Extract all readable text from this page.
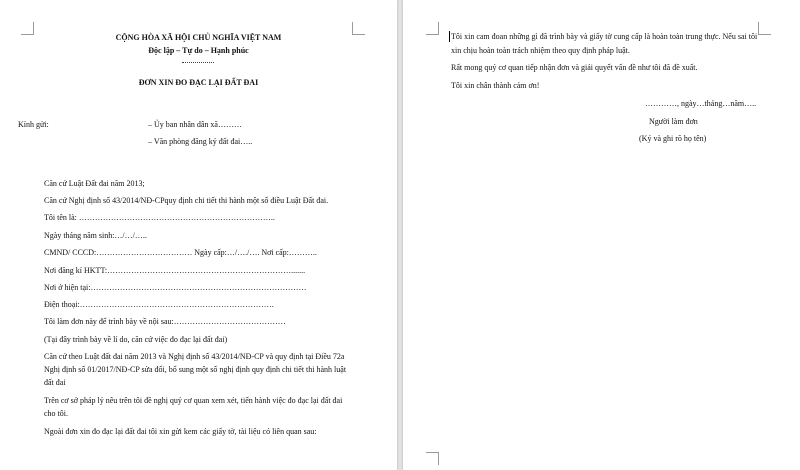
CỘNG HÒA XÃ HỘI CHỦ NGHĨA VIỆT NAM
Độc lập – Tự do – Hạnh phúc
ĐƠN XIN ĐO ĐẠC LẠI ĐẤT ĐAI
Kính gửi:	– Ủy ban nhân dân xã………
– Văn phòng đăng ký đất đai…..
Căn cứ Luật Đất đai năm 2013;
Căn cứ Nghị định số 43/2014/NĐ-CPquy định chi tiết thi hành một số điều Luật Đất đai.
Tôi tên là: ………………………………………………………………..
Ngày tháng năm sinh:…/…/…..
CMND/ CCCD:……………………………… Ngày cấp:…/…./…. Nơi cấp:………..
Nơi đăng kí HKTT:…………………………………………………………….......
Nơi ở hiện tại:………………………………………………………………………
Điện thoại:……………………………………………………………….
Tôi làm đơn này để trình bày về nội sau:……………………………………
(Tại đây trình bày về lí do, căn cứ việc đo đạc lại đất đai)
Căn cứ theo Luật đất đai năm 2013 và Nghị định số 43/2014/NĐ-CP và quy định tại Điều 72a
Nghị định số 01/2017/NĐ-CP sửa đổi, bổ sung một số nghị định quy định chi tiết thi hành luật
đất đai
Trên cơ sở pháp lý nêu trên tôi đề nghị quý cơ quan xem xét, tiến hành việc đo đạc lại đất đai
cho tôi.
Ngoài đơn xin đo đạc lại đất đai tôi xin gửi kem các giấy tờ, tài liệu có liên quan sau:
Tôi xin cam đoan những gì đã trình bày và giấy tờ cung cấp là hoàn toàn trung thực. Nếu sai tôi
xin chịu hoàn toàn trách nhiệm theo quy định pháp luật.
Rất mong quý cơ quan tiếp nhận đơn và giải quyết vấn đề như tôi đã đề xuất.
Tôi xin chân thành cảm ơn!
…………, ngày…tháng…năm…..
Người làm đơn
(Ký và ghi rõ họ tên)
